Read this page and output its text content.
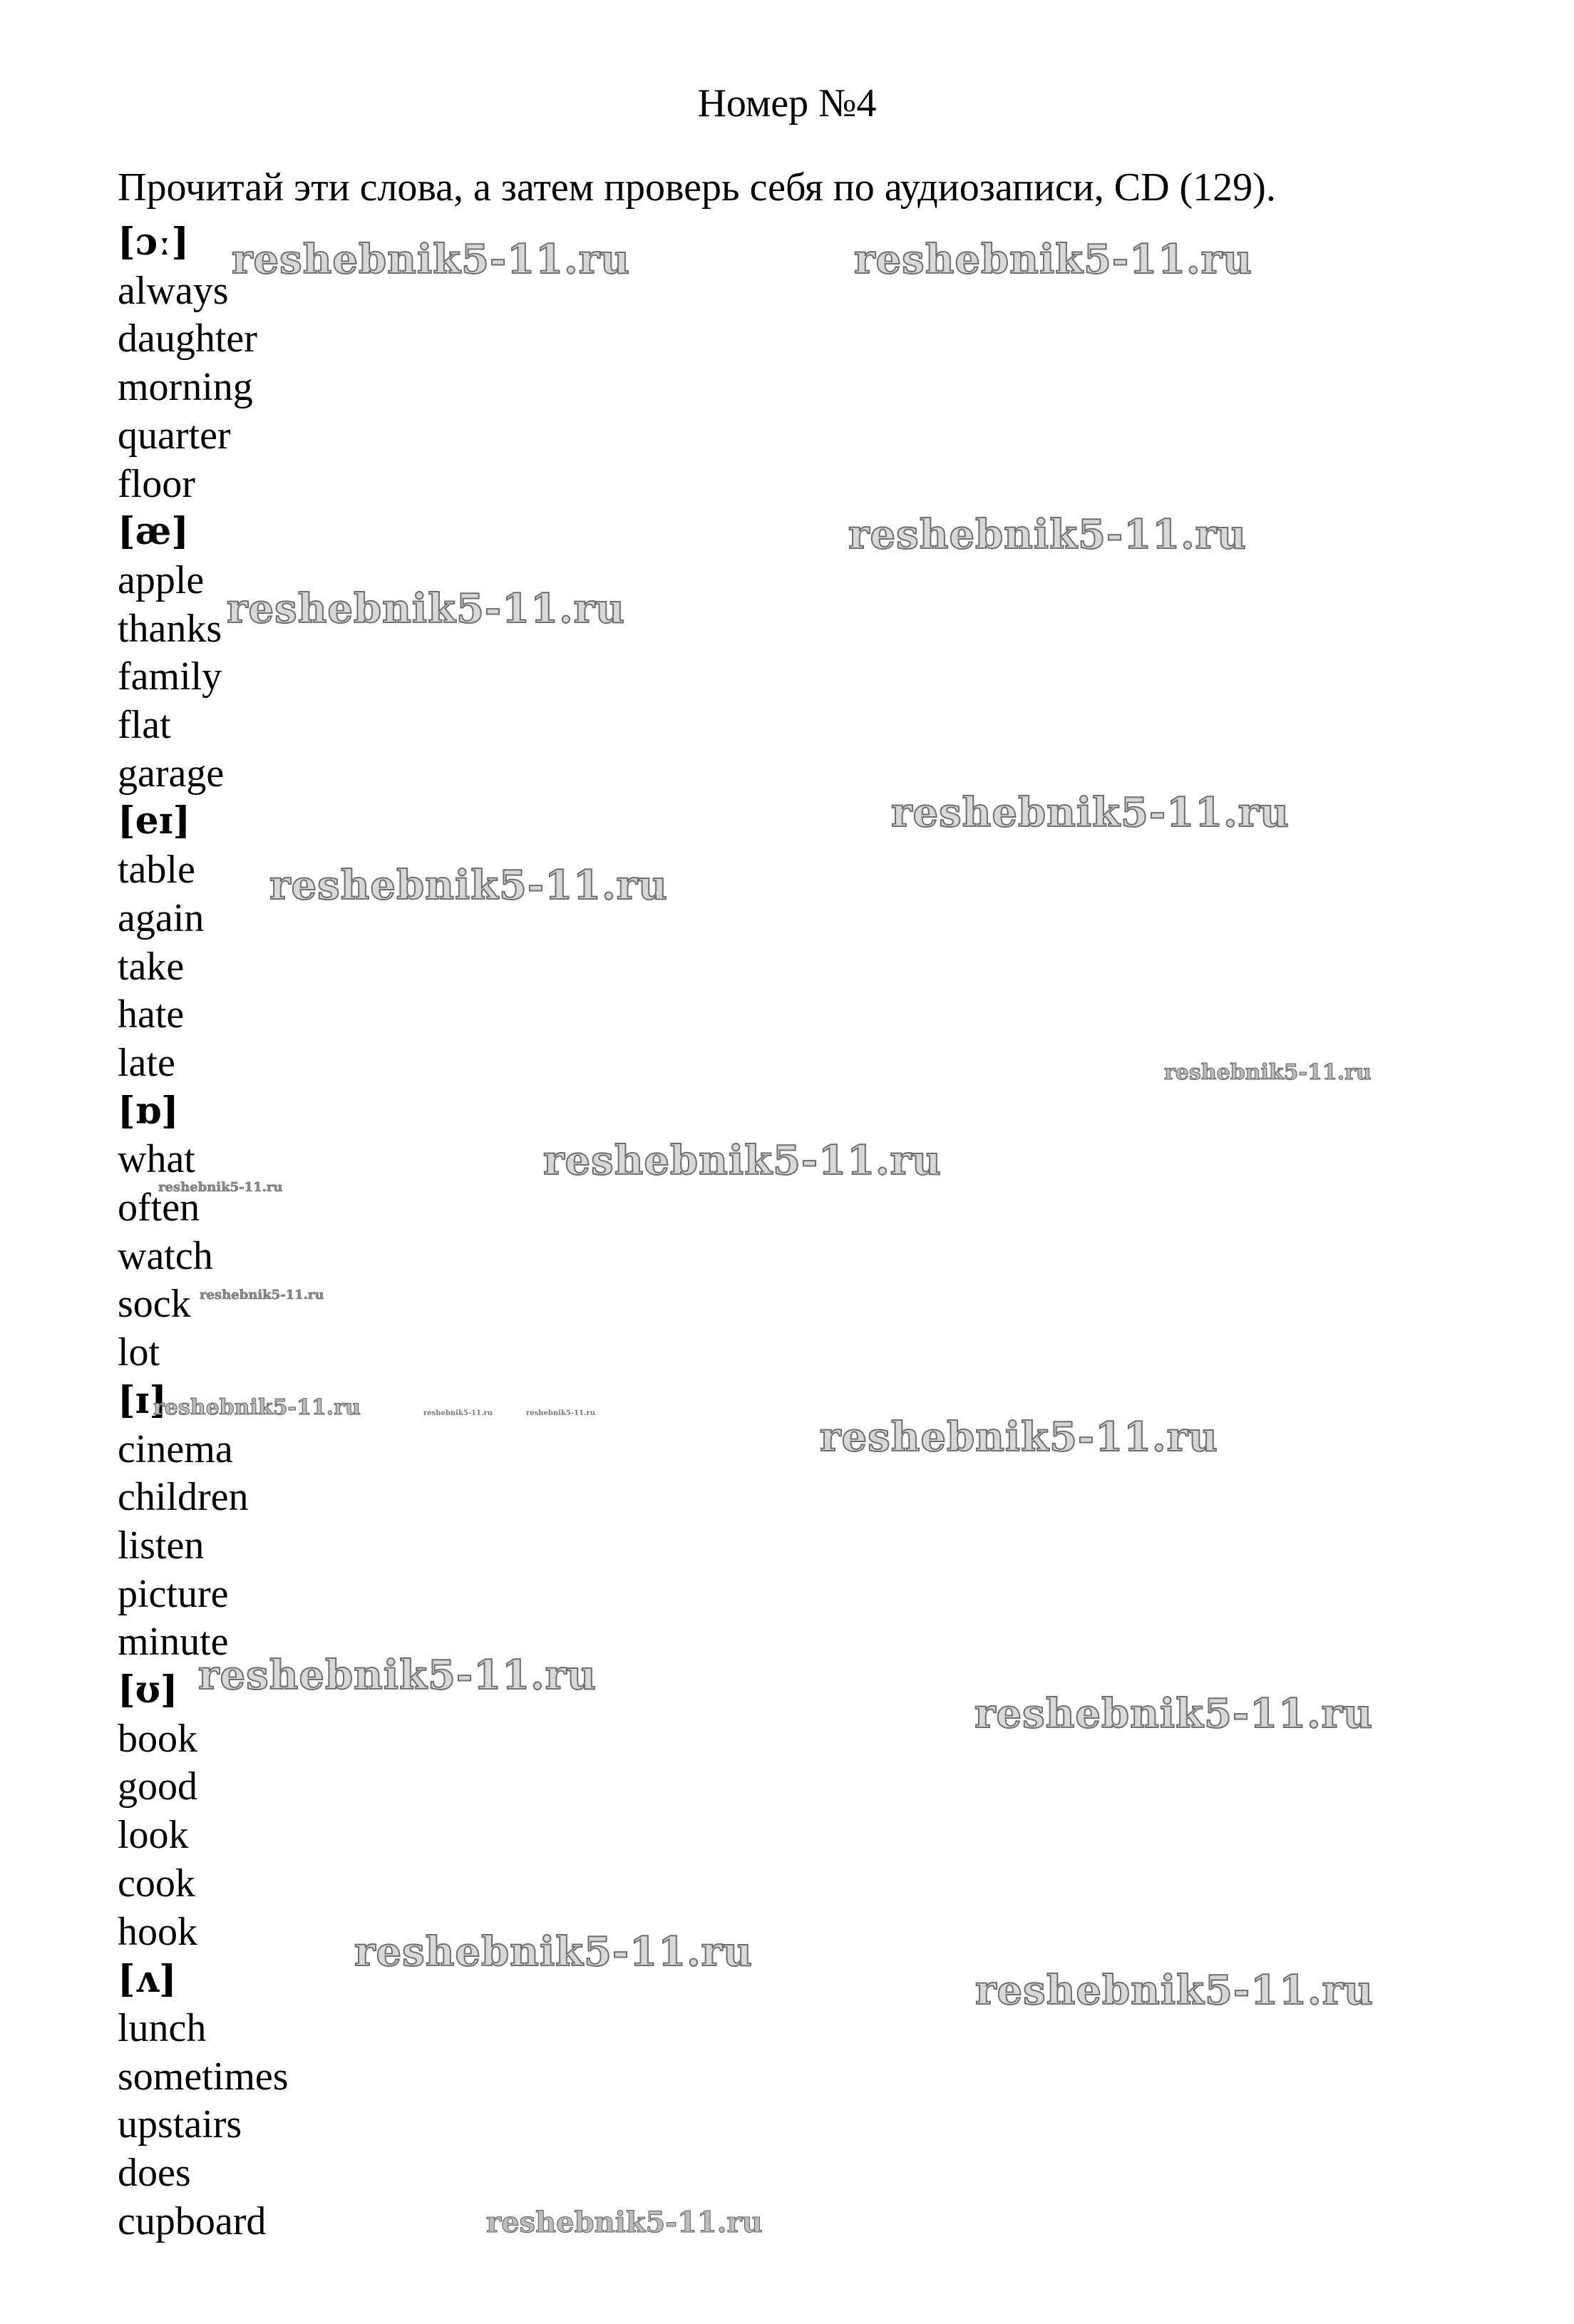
Номер №4
Прочитай эти слова, а затем проверь себя по аудиозаписи, CD (129).
[ɔː]
always
daughter
morning
quarter
floor
[æ]
apple
thanks
family
flat
garage
[eɪ]
table
again
take
hate
late
[ɒ]
what
often
watch
sock
lot
[ɪ]
cinema
children
listen
picture
minute
[ʊ]
book
good
look
cook
hook
[ʌ]
lunch
sometimes
upstairs
does
cupboard
reshebnik5-11.ru	reshebnik5-11.ru
reshebnik5-11.ru
reshebnik5-11.ru
reshebnik5-11.ru
reshebnik5-11.ru
reshebnik5-11.ru
reshebnik5-11.ru
reshebnik5-11.ru
reshebnik5-11.ru
reshebnik5-11.ru	reshebnik5-11.ru	reshebnik5-11.ru
reshebnik5-11.ru
reshebnik5-11.ru
reshebnik5-11.ru
reshebnik5-11.ru
reshebnik5-11.ru
reshebnik5-11.ru
